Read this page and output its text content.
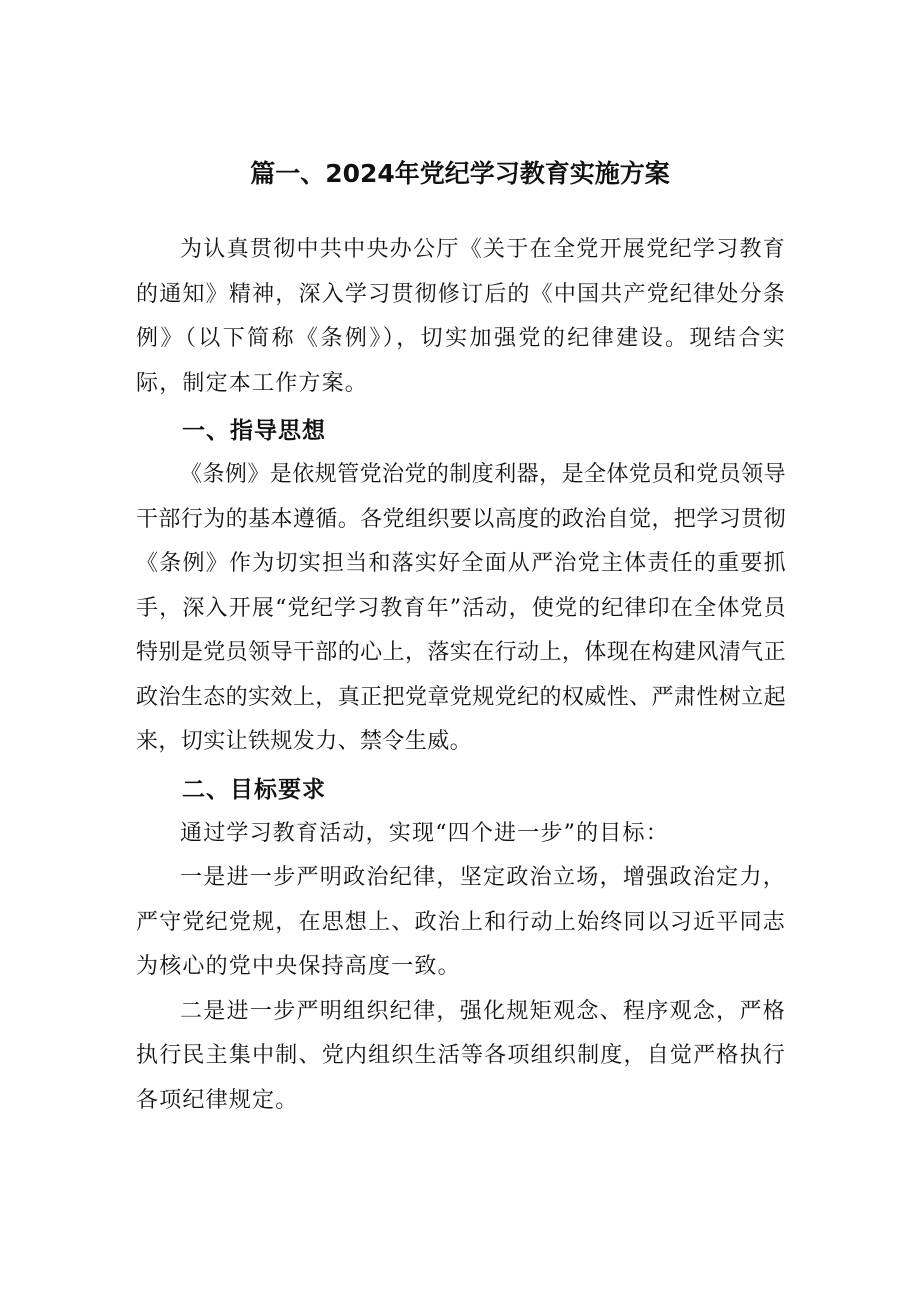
篇一、2024年党纪学习教育实施方案

为认真贯彻中共中央办公厅《关于在全党开展党纪学习教育的通知》精神，深入学习贯彻修订后的《中国共产党纪律处分条例》（以下简称《条例》），切实加强党的纪律建设。现结合实际，制定本工作方案。

一、指导思想

《条例》是依规管党治党的制度利器，是全体党员和党员领导干部行为的基本遵循。各党组织要以高度的政治自觉，把学习贯彻《条例》作为切实担当和落实好全面从严治党主体责任的重要抓手，深入开展“党纪学习教育年”活动，使党的纪律印在全体党员特别是党员领导干部的心上，落实在行动上，体现在构建风清气正政治生态的实效上，真正把党章党规党纪的权威性、严肃性树立起来，切实让铁规发力、禁令生威。

二、目标要求

通过学习教育活动，实现“四个进一步”的目标：

一是进一步严明政治纪律，坚定政治立场，增强政治定力，严守党纪党规，在思想上、政治上和行动上始终同以习近平同志为核心的党中央保持高度一致。

二是进一步严明组织纪律，强化规矩观念、程序观念，严格执行民主集中制、党内组织生活等各项组织制度，自觉严格执行各项纪律规定。
